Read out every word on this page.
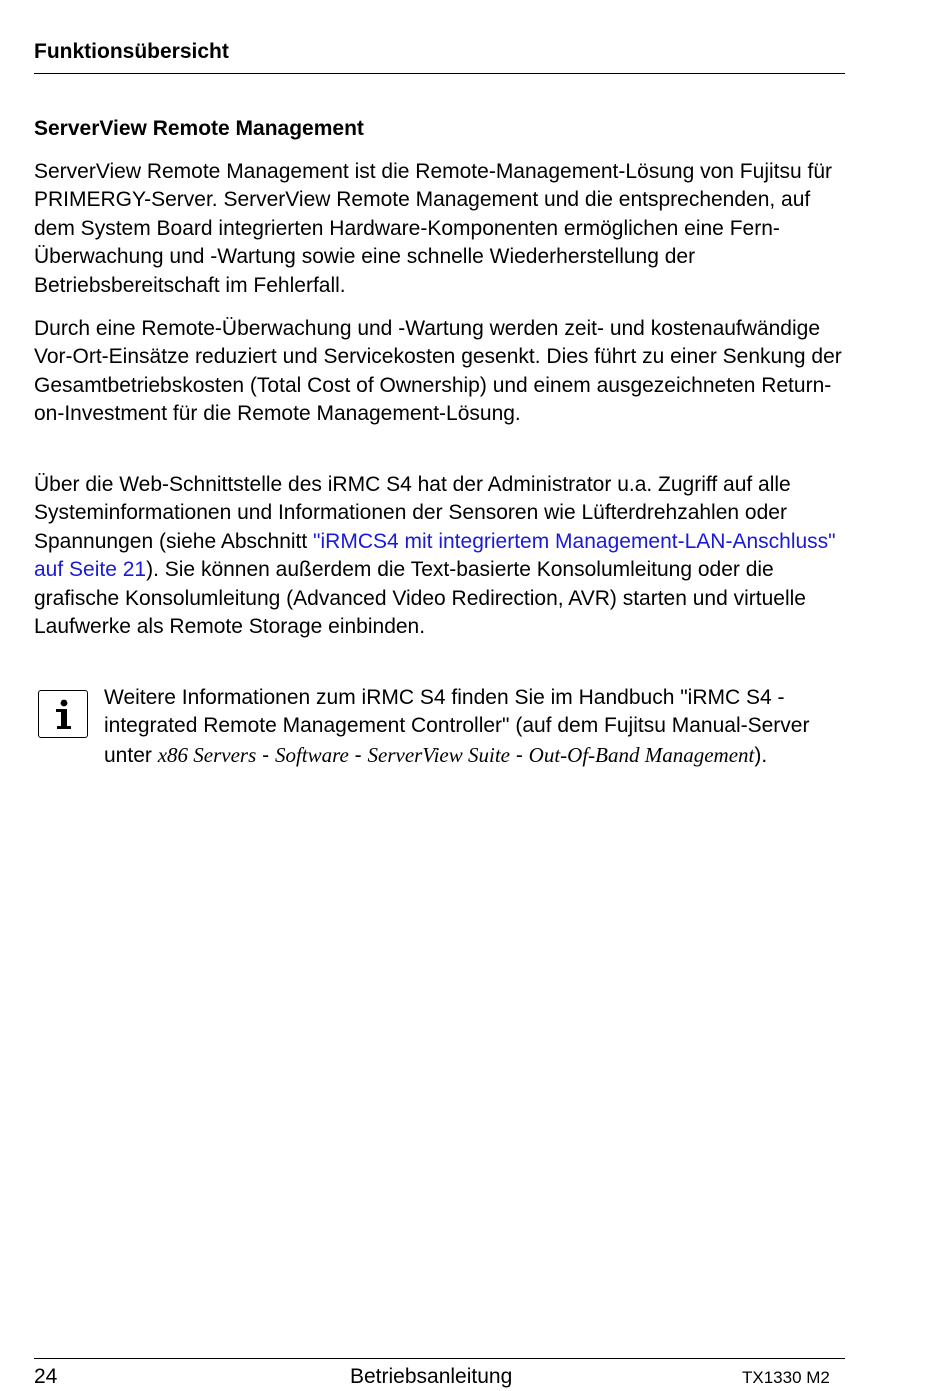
Funktionsübersicht
ServerView Remote Management

ServerView Remote Management ist die Remote-Management-Lösung von Fujitsu für PRIMERGY-Server. ServerView Remote Management und die entsprechenden, auf dem System Board integrierten Hardware-Komponenten ermöglichen eine Fern-Überwachung und -Wartung sowie eine schnelle Wiederherstellung der Betriebsbereitschaft im Fehlerfall.

Durch eine Remote-Überwachung und -Wartung werden zeit- und kostenaufwändige Vor-Ort-Einsätze reduziert und Servicekosten gesenkt. Dies führt zu einer Senkung der Gesamtbetriebskosten (Total Cost of Ownership) und einem ausgezeichneten Return-on-Investment für die Remote Management-Lösung.

Über die Web-Schnittstelle des iRMC S4 hat der Administrator u.a. Zugriff auf alle Systeminformationen und Informationen der Sensoren wie Lüfterdrehzahlen oder Spannungen (siehe Abschnitt "iRMCS4 mit integriertem Management-LAN-Anschluss" auf Seite 21). Sie können außerdem die Text-basierte Konsolumleitung oder die grafische Konsolumleitung (Advanced Video Redirection, AVR) starten und virtuelle Laufwerke als Remote Storage einbinden.

Weitere Informationen zum iRMC S4 finden Sie im Handbuch "iRMC S4 - integrated Remote Management Controller" (auf dem Fujitsu Manual-Server unter x86 Servers - Software - ServerView Suite - Out-Of-Band Management).

24	Betriebsanleitung	TX1330 M2
